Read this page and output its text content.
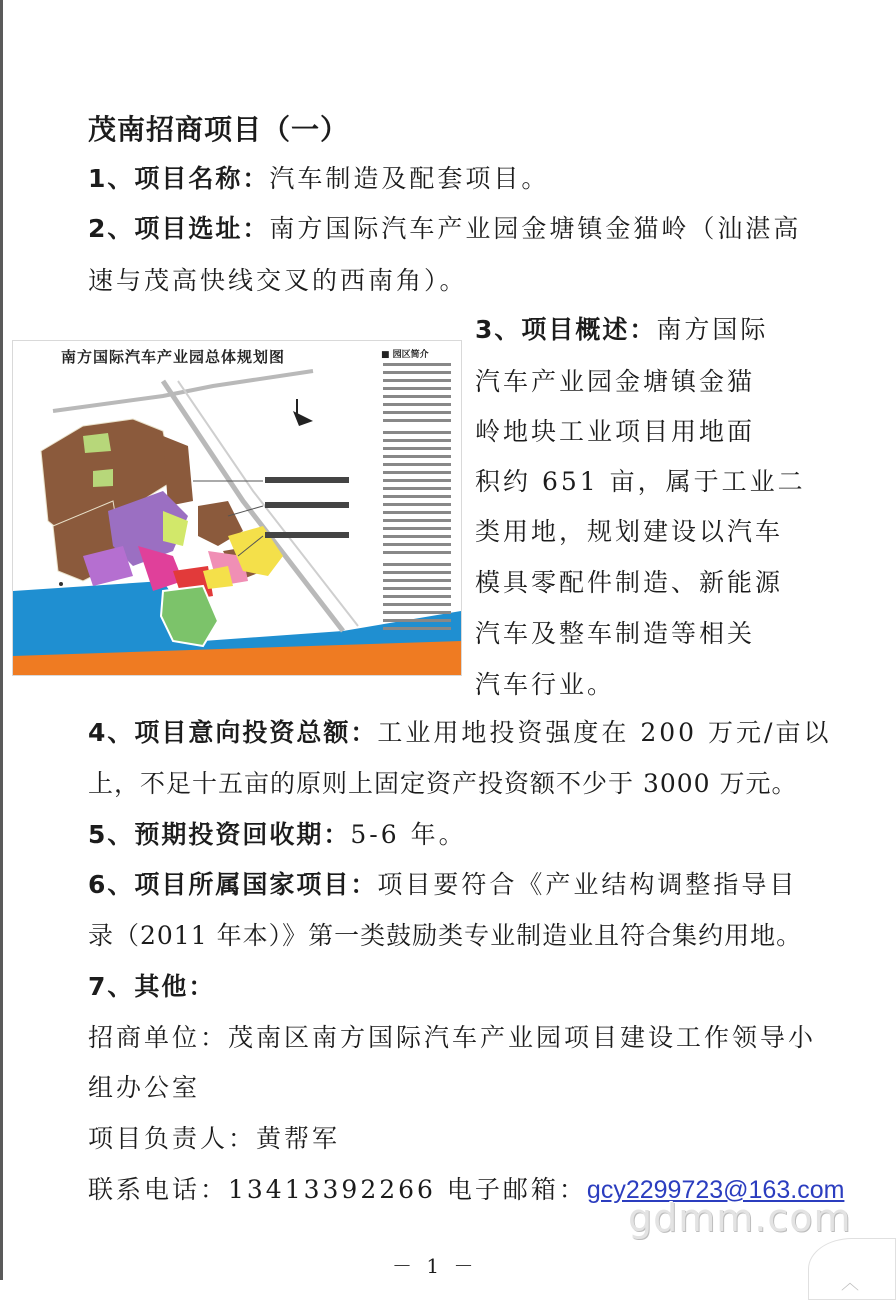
茂南招商项目（一）
1、项目名称：汽车制造及配套项目。
2、项目选址：南方国际汽车产业园金塘镇金猫岭（汕湛高
速与茂高快线交叉的西南角）。
南方国际汽车产业园总体规划图	■ 园区简介
3、项目概述：南方国际
汽车产业园金塘镇金猫
岭地块工业项目用地面
积约 651 亩，属于工业二
类用地，规划建设以汽车
模具零配件制造、新能源
汽车及整车制造等相关
汽车行业。
4、项目意向投资总额：工业用地投资强度在 200 万元/亩以
上，不足十五亩的原则上固定资产投资额不少于 3000 万元。
5、预期投资回收期：5-6 年。
6、项目所属国家项目：项目要符合《产业结构调整指导目
录（2011 年本）》第一类鼓励类专业制造业且符合集约用地。
7、其他：
招商单位：茂南区南方国际汽车产业园项目建设工作领导小
组办公室
项目负责人：黄帮军
联系电话：13413392266 电子邮箱：gcy2299723@163.com
gdmm.com
－ 1 －
︿
